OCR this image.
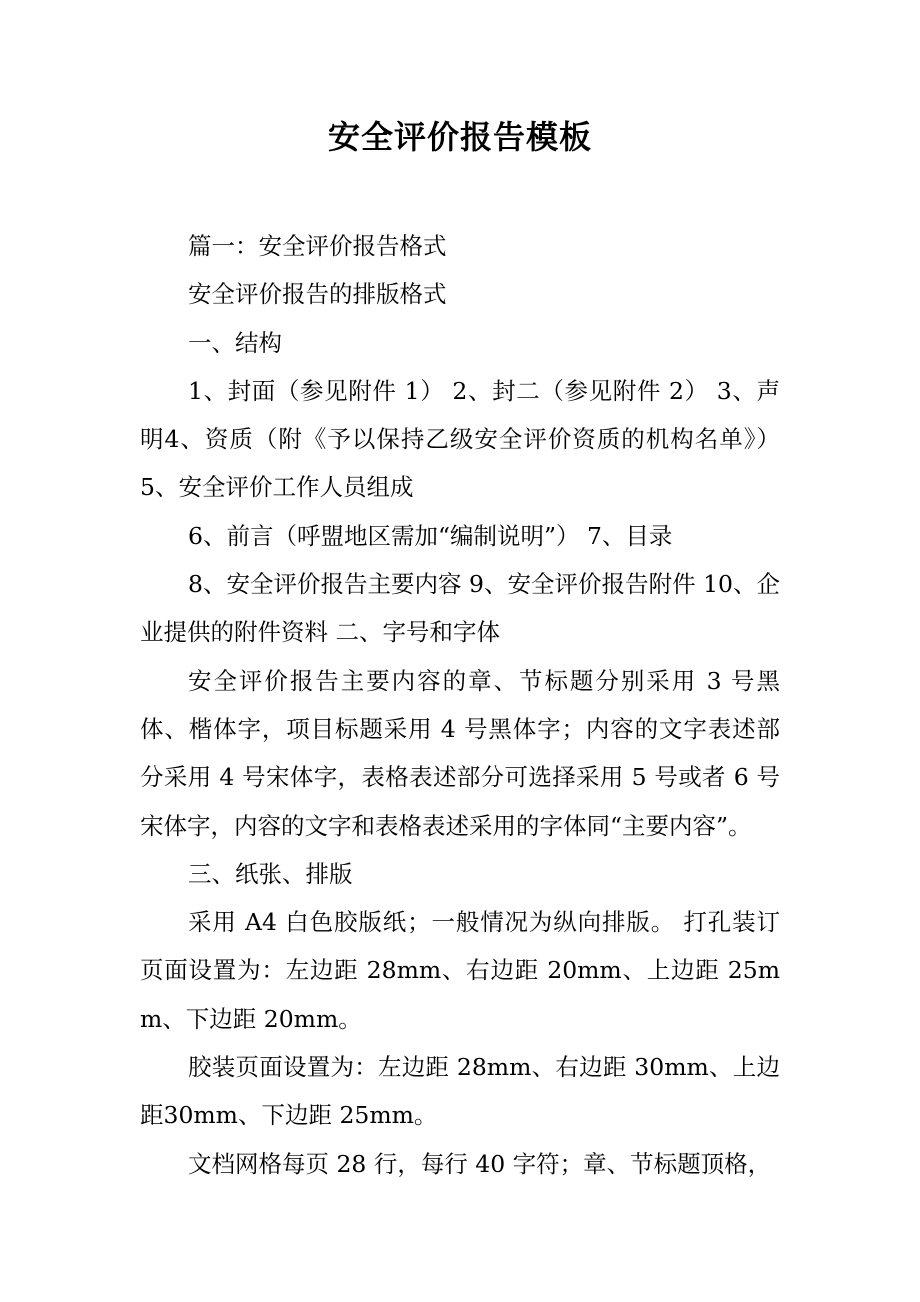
安全评价报告模板

篇一：安全评价报告格式

安全评价报告的排版格式

一、结构

1、封面（参见附件 1） 2、封二（参见附件 2） 3、声明4、资质（附《予以保持乙级安全评价资质的机构名单》）5、安全评价工作人员组成

6、前言（呼盟地区需加“编制说明”） 7、目录

8、安全评价报告主要内容 9、安全评价报告附件 10、企业提供的附件资料 二、字号和字体

安全评价报告主要内容的章、节标题分别采用 3 号黑体、楷体字，项目标题采用 4 号黑体字；内容的文字表述部分采用 4 号宋体字，表格表述部分可选择采用 5 号或者 6 号宋体字，内容的文字和表格表述采用的字体同“主要内容”。

三、纸张、排版

采用 A4 白色胶版纸；一般情况为纵向排版。 打孔装订页面设置为：左边距 28mm、右边距 20mm、上边距 25mm、下边距 20mm。

胶装页面设置为：左边距 28mm、右边距 30mm、上边距30mm、下边距 25mm。

文档网格每页 28 行，每行 40 字符；章、节标题顶格，
